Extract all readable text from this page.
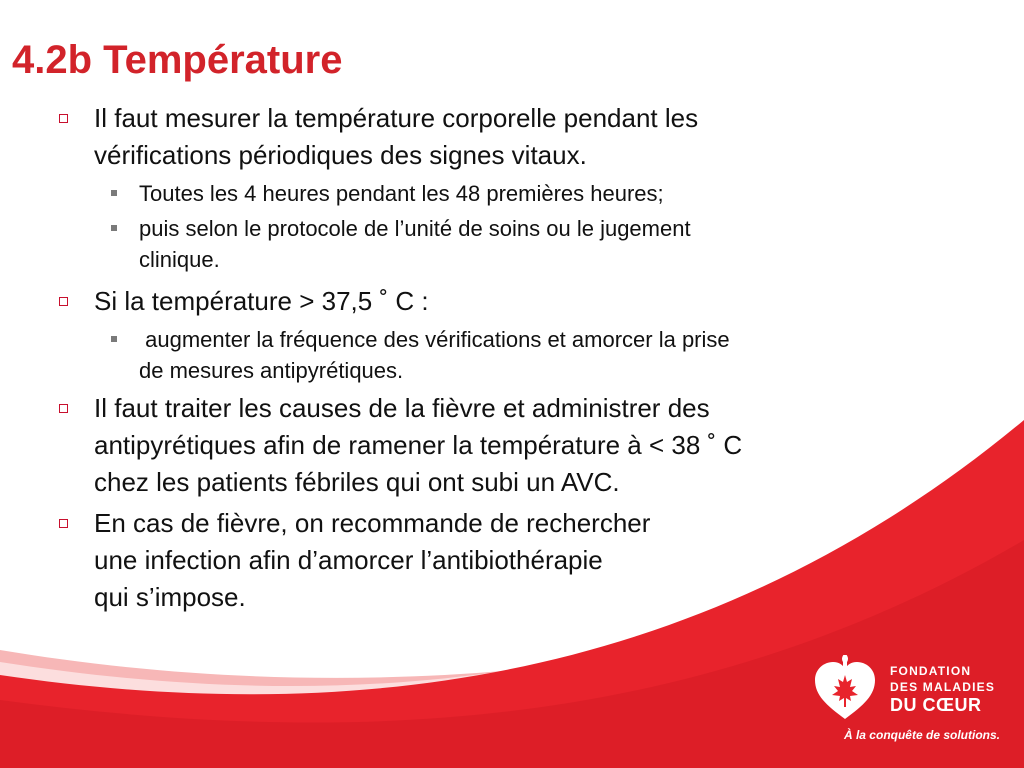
4.2b Température
Il faut mesurer la température corporelle pendant les
vérifications périodiques des signes vitaux.
Toutes les 4 heures pendant les 48 premières heures;
puis selon le protocole de l’unité de soins ou le jugement
clinique.
Si la température > 37,5 ˚ C :
augmenter la fréquence des vérifications et amorcer la prise
de mesures antipyrétiques.
Il faut traiter les causes de la fièvre et administrer des
antipyrétiques afin de ramener la température à < 38 ˚ C
chez les patients fébriles qui ont subi un AVC.
En cas de fièvre, on recommande de rechercher
une infection afin d’amorcer l’antibiothérapie
qui s’impose.
FONDATION
DES MALADIES
DU CŒUR
À la conquête de solutions.
